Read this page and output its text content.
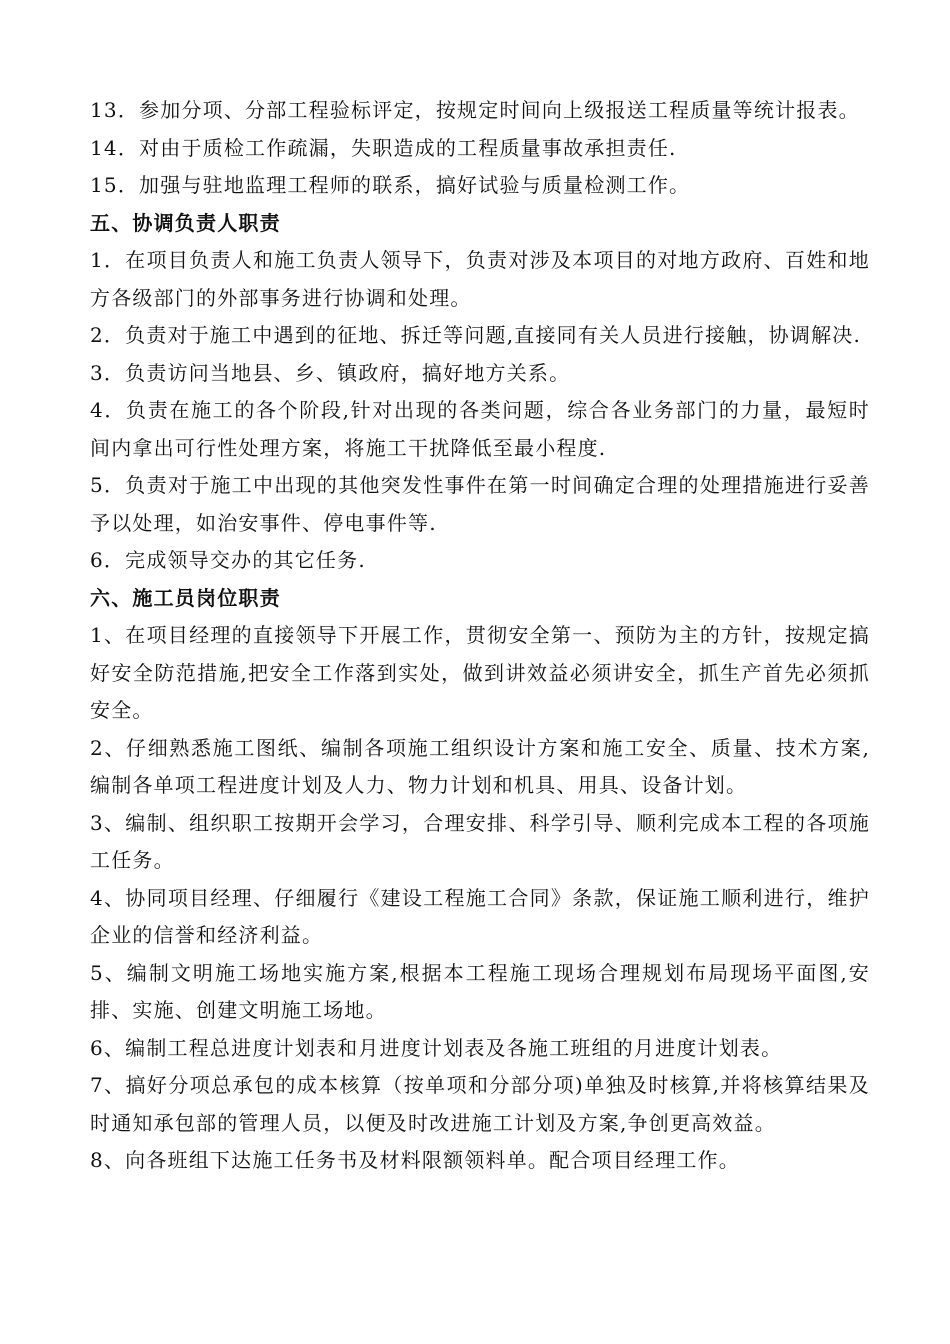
13．参加分项、分部工程验标评定，按规定时间向上级报送工程质量等统计报表。

14．对由于质检工作疏漏，失职造成的工程质量事故承担责任.

15．加强与驻地监理工程师的联系，搞好试验与质量检测工作。

五、协调负责人职责

1．在项目负责人和施工负责人领导下，负责对涉及本项目的对地方政府、百姓和地方各级部门的外部事务进行协调和处理。

2．负责对于施工中遇到的征地、拆迁等问题,直接同有关人员进行接触，协调解决.

3．负责访问当地县、乡、镇政府，搞好地方关系。

4．负责在施工的各个阶段,针对出现的各类问题，综合各业务部门的力量，最短时间内拿出可行性处理方案，将施工干扰降低至最小程度.

5．负责对于施工中出现的其他突发性事件在第一时间确定合理的处理措施进行妥善予以处理，如治安事件、停电事件等.

6．完成领导交办的其它任务.

六、施工员岗位职责

1、在项目经理的直接领导下开展工作，贯彻安全第一、预防为主的方针，按规定搞好安全防范措施,把安全工作落到实处，做到讲效益必须讲安全，抓生产首先必须抓安全。

2、仔细熟悉施工图纸、编制各项施工组织设计方案和施工安全、质量、技术方案,编制各单项工程进度计划及人力、物力计划和机具、用具、设备计划。

3、编制、组织职工按期开会学习，合理安排、科学引导、顺利完成本工程的各项施工任务。

4、协同项目经理、仔细履行《建设工程施工合同》条款，保证施工顺利进行，维护企业的信誉和经济利益。

5、编制文明施工场地实施方案,根据本工程施工现场合理规划布局现场平面图,安排、实施、创建文明施工场地。

6、编制工程总进度计划表和月进度计划表及各施工班组的月进度计划表。

7、搞好分项总承包的成本核算（按单项和分部分项)单独及时核算,并将核算结果及时通知承包部的管理人员，以便及时改进施工计划及方案,争创更高效益。

8、向各班组下达施工任务书及材料限额领料单。配合项目经理工作。
